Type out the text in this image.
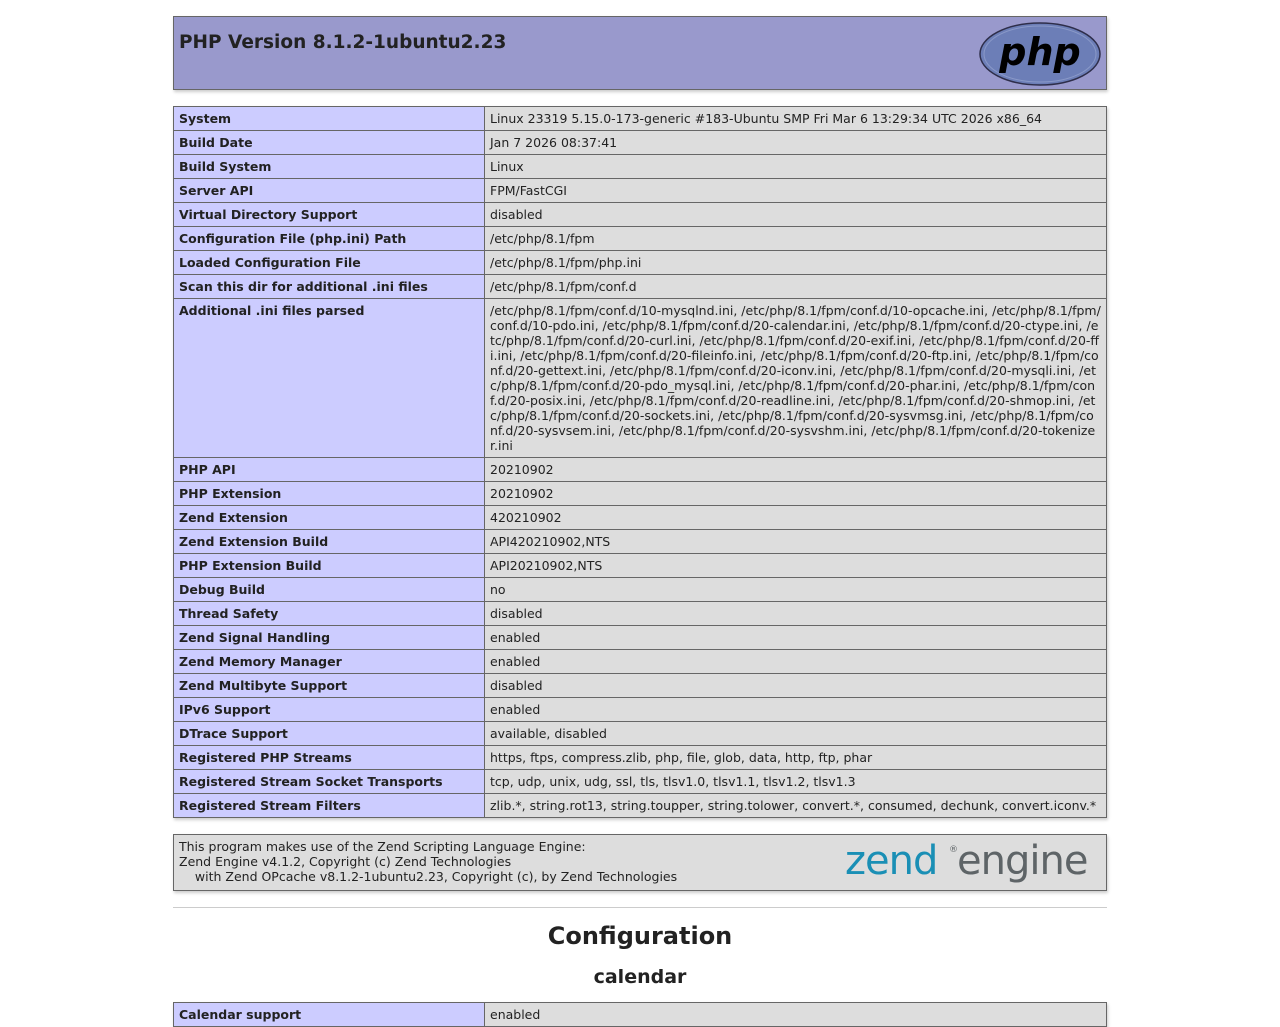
PHP Version 8.1.2-1ubuntu2.23	php
System	Linux 23319 5.15.0-173-generic #183-Ubuntu SMP Fri Mar 6 13:29:34 UTC 2026 x86_64
Build Date	Jan 7 2026 08:37:41
Build System	Linux
Server API	FPM/FastCGI
Virtual Directory Support	disabled
Configuration File (php.ini) Path	/etc/php/8.1/fpm
Loaded Configuration File	/etc/php/8.1/fpm/php.ini
Scan this dir for additional .ini files	/etc/php/8.1/fpm/conf.d
Additional .ini files parsed	/etc/php/8.1/fpm/conf.d/10-mysqlnd.ini, /etc/php/8.1/fpm/conf.d/10-opcache.ini, /etc/php/8.1/fpm/conf.d/10-pdo.ini, /etc/php/8.1/fpm/conf.d/20-calendar.ini, /etc/php/8.1/fpm/conf.d/20-ctype.ini, /etc/php/8.1/fpm/conf.d/20-curl.ini, /etc/php/8.1/fpm/conf.d/20-exif.ini, /etc/php/8.1/fpm/conf.d/20-ffi.ini, /etc/php/8.1/fpm/conf.d/20-fileinfo.ini, /etc/php/8.1/fpm/conf.d/20-ftp.ini, /etc/php/8.1/fpm/conf.d/20-gettext.ini, /etc/php/8.1/fpm/conf.d/20-iconv.ini, /etc/php/8.1/fpm/conf.d/20-mysqli.ini, /etc/php/8.1/fpm/conf.d/20-pdo_mysql.ini, /etc/php/8.1/fpm/conf.d/20-phar.ini, /etc/php/8.1/fpm/conf.d/20-posix.ini, /etc/php/8.1/fpm/conf.d/20-readline.ini, /etc/php/8.1/fpm/conf.d/20-shmop.ini, /etc/php/8.1/fpm/conf.d/20-sockets.ini, /etc/php/8.1/fpm/conf.d/20-sysvmsg.ini, /etc/php/8.1/fpm/conf.d/20-sysvsem.ini, /etc/php/8.1/fpm/conf.d/20-sysvshm.ini, /etc/php/8.1/fpm/conf.d/20-tokenizer.ini
PHP API	20210902
PHP Extension	20210902
Zend Extension	420210902
Zend Extension Build	API420210902,NTS
PHP Extension Build	API20210902,NTS
Debug Build	no
Thread Safety	disabled
Zend Signal Handling	enabled
Zend Memory Manager	enabled
Zend Multibyte Support	disabled
IPv6 Support	enabled
DTrace Support	available, disabled
Registered PHP Streams	https, ftps, compress.zlib, php, file, glob, data, http, ftp, phar
Registered Stream Socket Transports	tcp, udp, unix, udg, ssl, tls, tlsv1.0, tlsv1.1, tlsv1.2, tlsv1.3
Registered Stream Filters	zlib.*, string.rot13, string.toupper, string.tolower, convert.*, consumed, dechunk, convert.iconv.*
This program makes use of the Zend Scripting Language Engine:
Zend Engine v4.1.2, Copyright (c) Zend Technologies
with Zend OPcache v8.1.2-1ubuntu2.23, Copyright (c), by Zend Technologies	zend ® engine
Configuration
calendar
Calendar support	enabled
